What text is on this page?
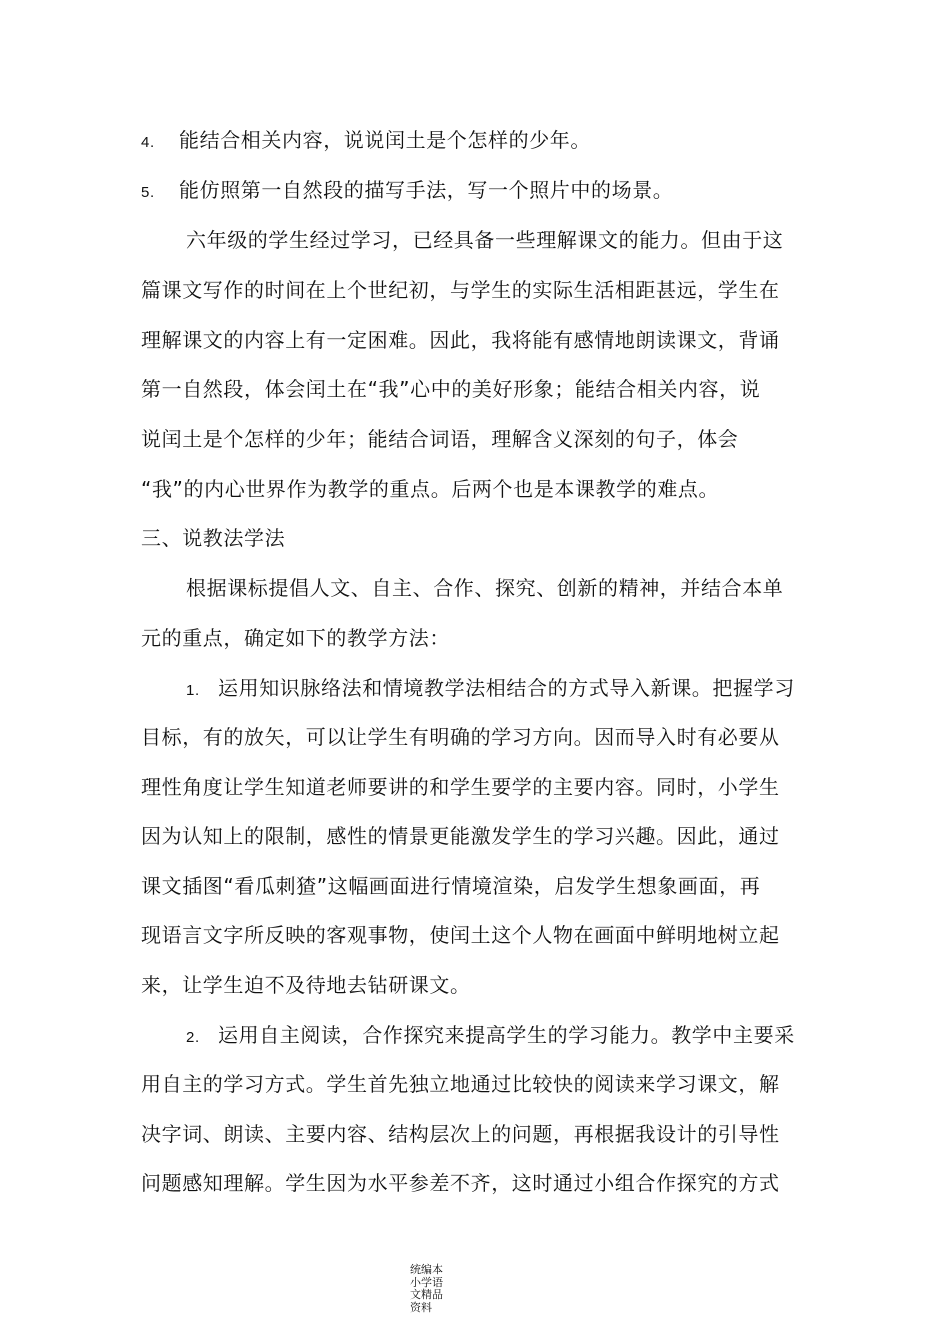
4. 能结合相关内容，说说闰土是个怎样的少年。
5. 能仿照第一自然段的描写手法，写一个照片中的场景。
六年级的学生经过学习，已经具备一些理解课文的能力。但由于这
篇课文写作的时间在上个世纪初，与学生的实际生活相距甚远，学生在
理解课文的内容上有一定困难。因此，我将能有感情地朗读课文，背诵
第一自然段，体会闰土在“我”心中的美好形象；能结合相关内容，说
说闰土是个怎样的少年；能结合词语，理解含义深刻的句子，体会
“我”的内心世界作为教学的重点。后两个也是本课教学的难点。
三、说教法学法
根据课标提倡人文、自主、合作、探究、创新的精神，并结合本单
元的重点，确定如下的教学方法：
1. 运用知识脉络法和情境教学法相结合的方式导入新课。把握学习
目标，有的放矢，可以让学生有明确的学习方向。因而导入时有必要从
理性角度让学生知道老师要讲的和学生要学的主要内容。同时，小学生
因为认知上的限制，感性的情景更能激发学生的学习兴趣。因此，通过
课文插图“看瓜刺猹”这幅画面进行情境渲染，启发学生想象画面，再
现语言文字所反映的客观事物，使闰土这个人物在画面中鲜明地树立起
来，让学生迫不及待地去钻研课文。
2. 运用自主阅读，合作探究来提高学生的学习能力。教学中主要采
用自主的学习方式。学生首先独立地通过比较快的阅读来学习课文，解
决字词、朗读、主要内容、结构层次上的问题，再根据我设计的引导性
问题感知理解。学生因为水平参差不齐，这时通过小组合作探究的方式
统编本
小学语
文精品
资料
